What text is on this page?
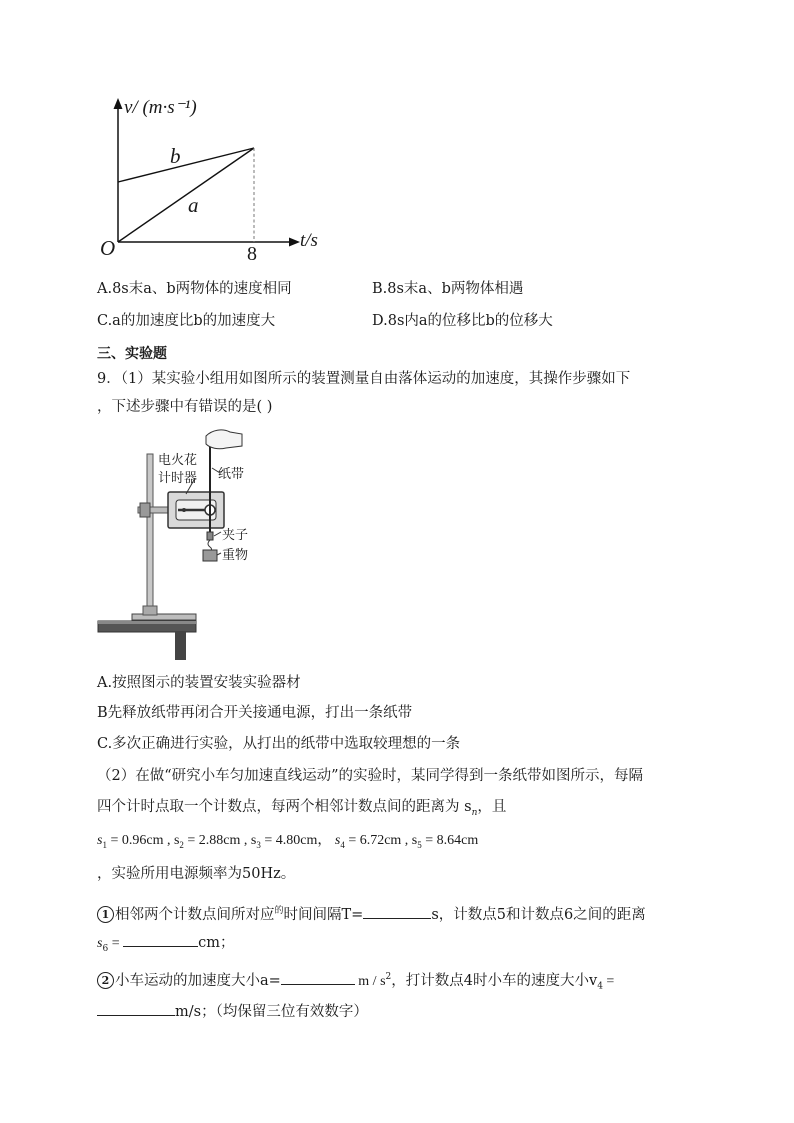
v/ (m·s⁻¹)
t/s
O	8
b
a
A.8s末a、b两物体的速度相同	B.8s末a、b两物体相遇
C.a的加速度比b的加速度大	D.8s内a的位移比b的位移大
三、实验题
9．（1）某实验小组用如图所示的装置测量自由落体运动的加速度，其操作步骤如下
，下述步骤中有错误的是( )
电火花
计时器 纸带
夹子
重物
A.按照图示的装置安装实验器材
B先释放纸带再闭合开关接通电源，打出一条纸带
C.多次正确进行实验，从打出的纸带中选取较理想的一条
（2）在做“研究小车匀加速直线运动”的实验时，某同学得到一条纸带如图所示，每隔
四个计时点取一个计数点，每两个相邻计数点间的距离为 $s_n$，且
$s_1 = 0.96cm$ , $s_2 = 2.88cm$ , $s_3 = 4.80cm$， $s_4 = 6.72cm$ , $s_5 = 8.64cm$
，实验所用电源频率为50Hz。
1 相邻两个计数点间所对应$^的$时间间隔T=	s，计数点5和计数点6之间的距离
$s_6$ =	cm；
2 小车运动的加速度大小a=	m / $s^2$，打计数点4时小车的速度大小$v_4$ =
m/s；（均保留三位有效数字）
